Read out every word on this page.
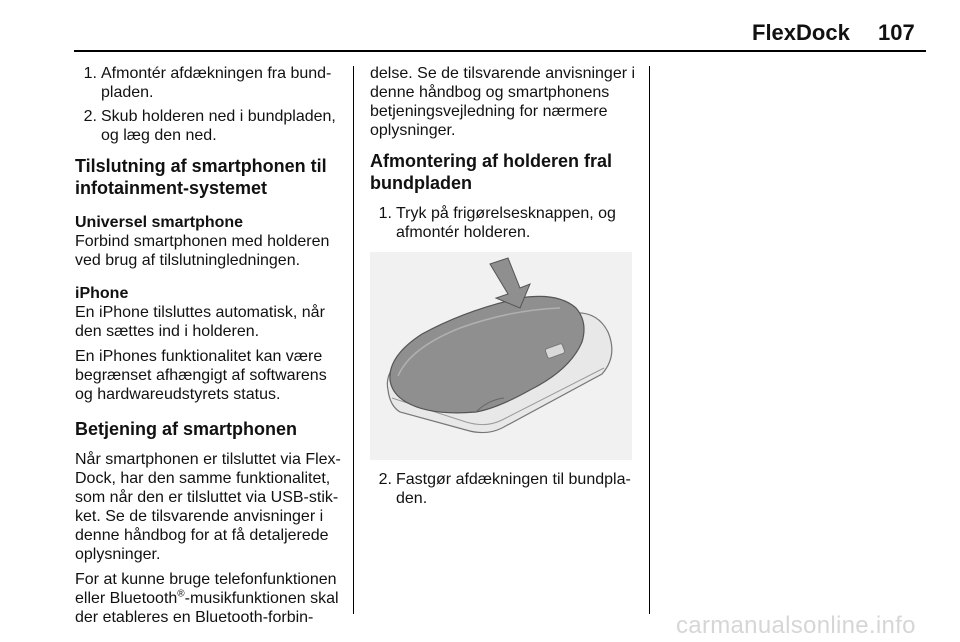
FlexDock 107
1. Afmontér afdækningen fra bund-pladen.
2. Skub holderen ned i bundpladen, og læg den ned.
Tilslutning af smartphonen til infotainment-systemet
Universel smartphone

Forbind smartphonen med holderen ved brug af tilslutningledningen.

iPhone

En iPhone tilsluttes automatisk, når den sættes ind i holderen.

En iPhones funktionalitet kan være begrænset afhængigt af softwarens og hardwareudstyrets status.

Betjening af smartphonen

Når smartphonen er tilsluttet via Flex-Dock, har den samme funktionalitet, som når den er tilsluttet via USB-stik-ket. Se de tilsvarende anvisninger i denne håndbog for at få detaljerede oplysninger.

For at kunne bruge telefonfunktionen eller Bluetooth®-musikfunktionen skal der etableres en Bluetooth-forbin-

delse. Se de tilsvarende anvisninger i denne håndbog og smartphonens betjeningsvejledning for nærmere oplysninger.

Afmontering af holderen fral bundpladen
1. Tryk på frigørelsesknappen, og afmontér holderen.
2. Fastgør afdækningen til bundpla-den.
carmanualsonline.info
